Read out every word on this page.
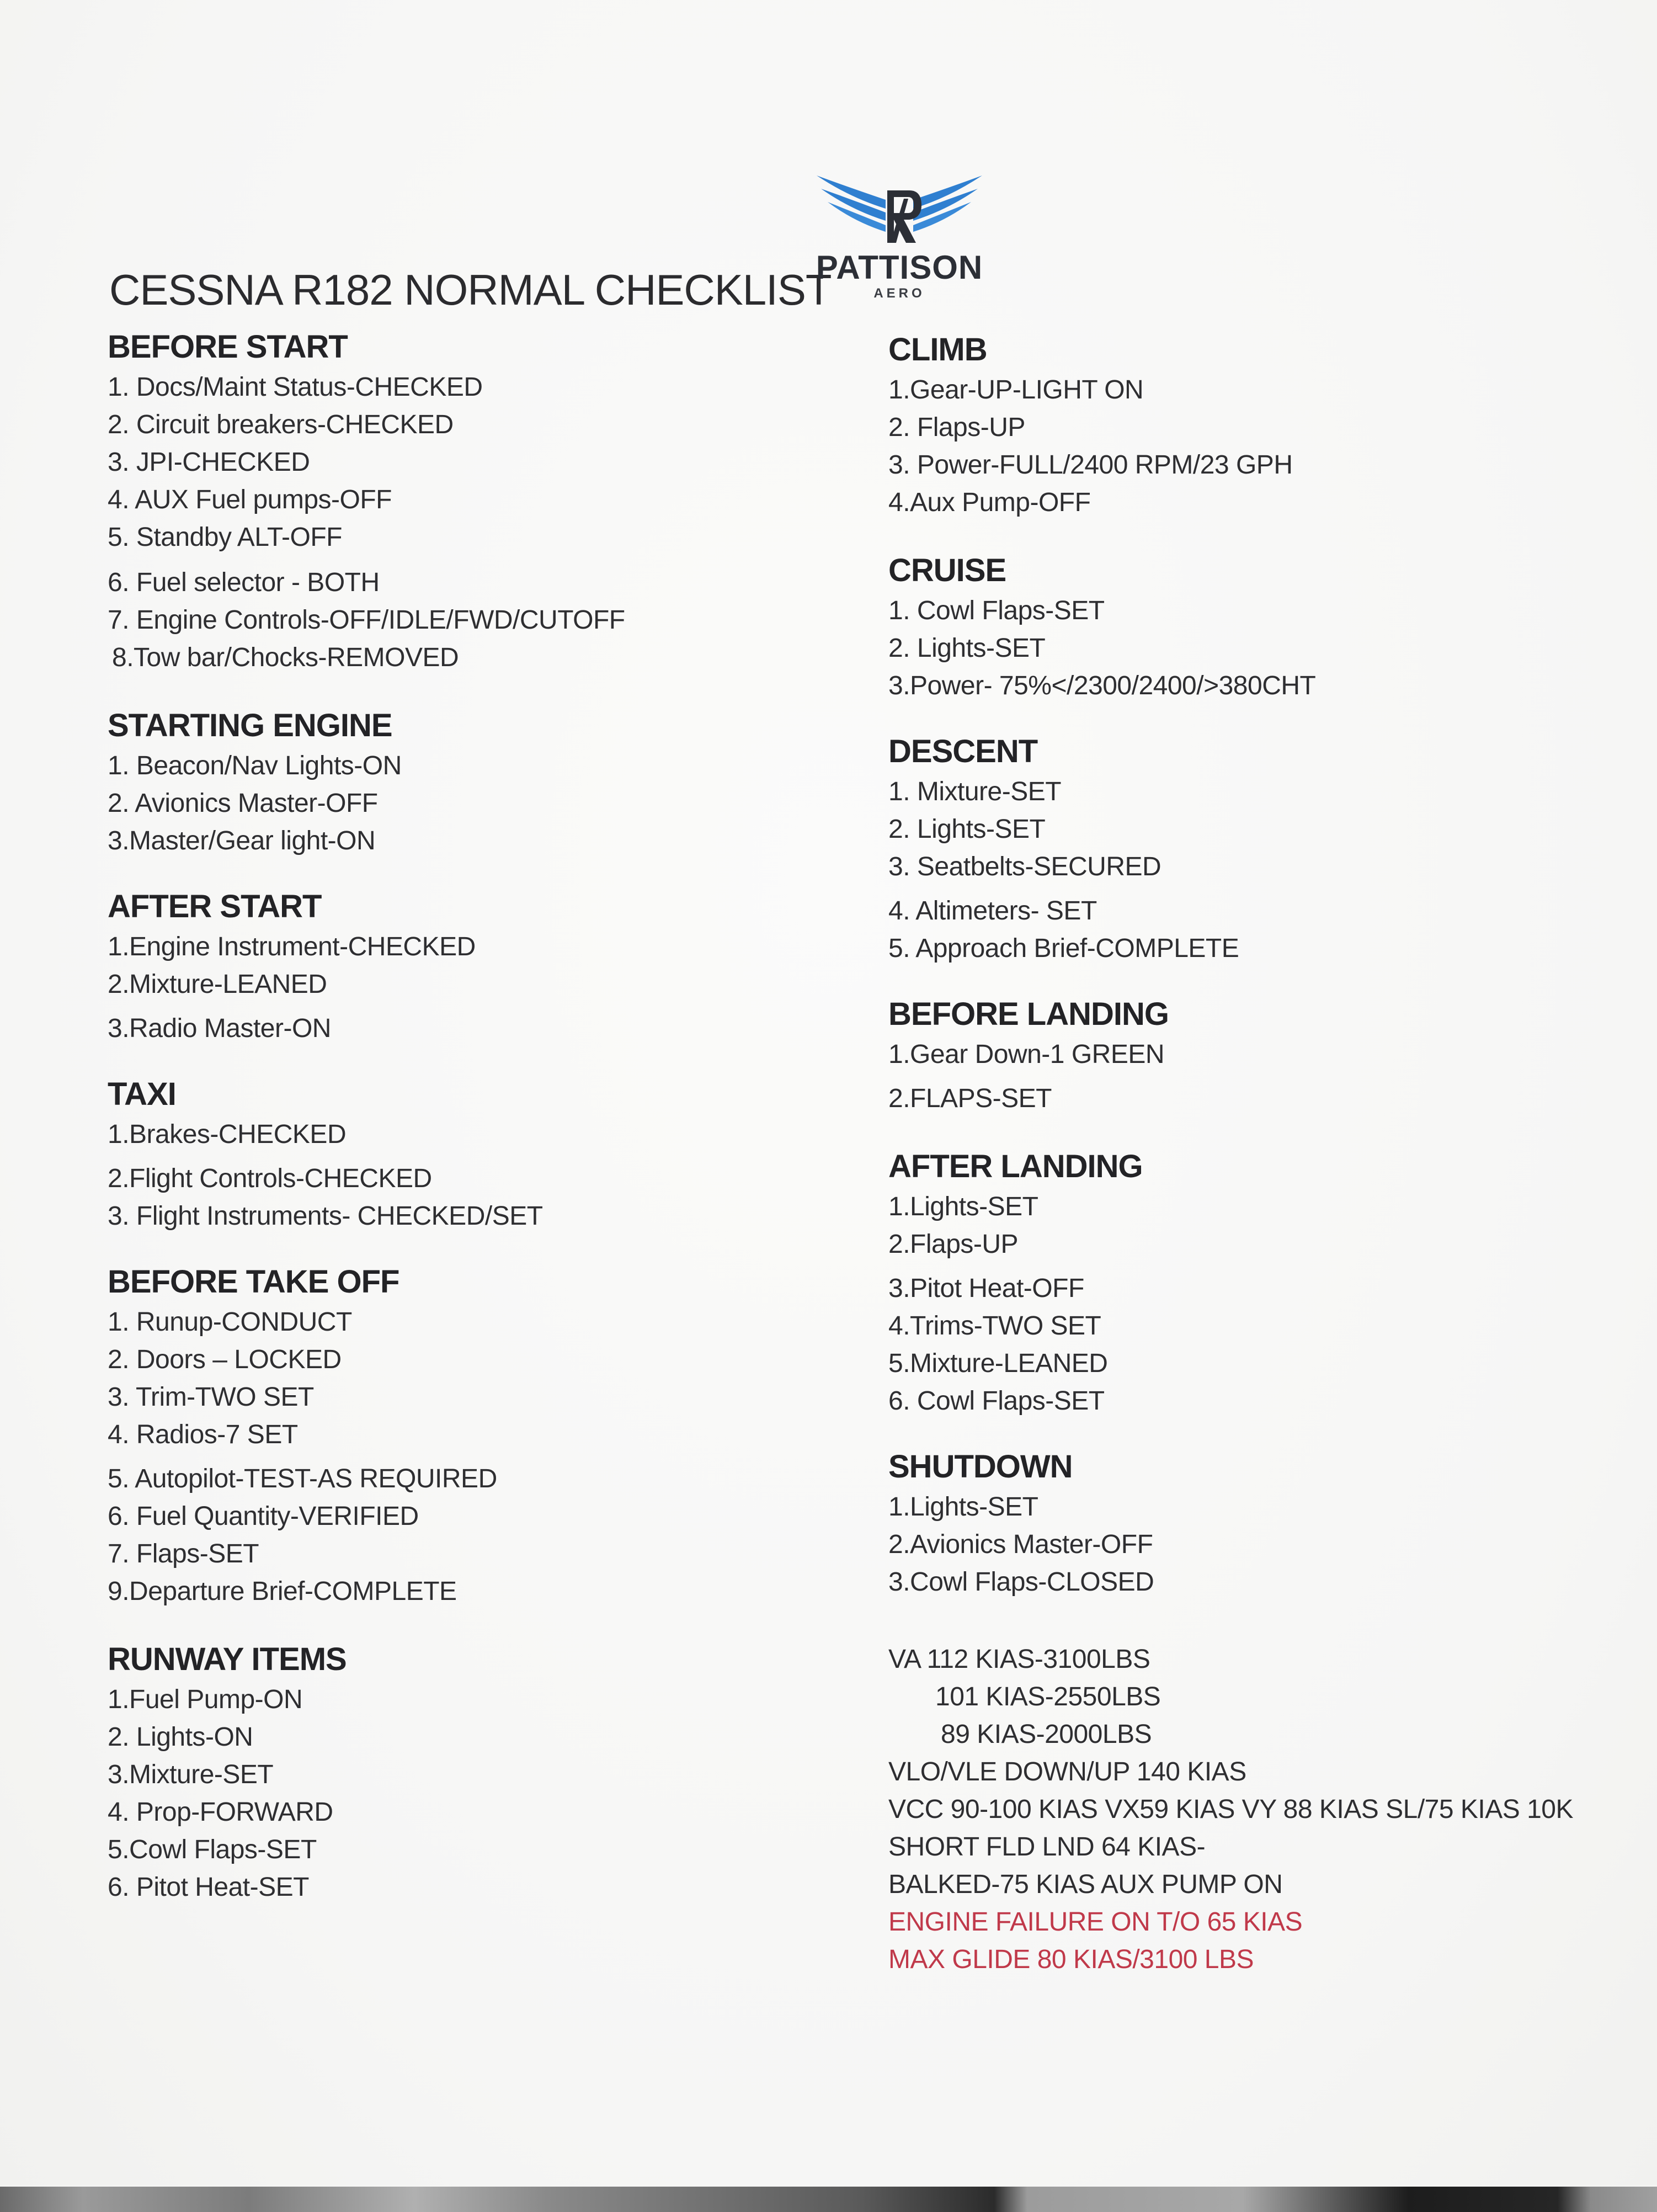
CESSNA R182 NORMAL CHECKLIST
PATTISON
AERO
BEFORE START
1. Docs/Maint Status-CHECKED
2. Circuit breakers-CHECKED
3. JPI-CHECKED
4. AUX Fuel pumps-OFF
5. Standby ALT-OFF
6. Fuel selector - BOTH
7. Engine Controls-OFF/IDLE/FWD/CUTOFF
8.Tow bar/Chocks-REMOVED
STARTING ENGINE
1. Beacon/Nav Lights-ON
2. Avionics Master-OFF
3.Master/Gear light-ON
AFTER START
1.Engine Instrument-CHECKED
2.Mixture-LEANED
3.Radio Master-ON
TAXI
1.Brakes-CHECKED
2.Flight Controls-CHECKED
3. Flight Instruments- CHECKED/SET
BEFORE TAKE OFF
1. Runup-CONDUCT
2. Doors – LOCKED
3. Trim-TWO SET
4. Radios-7 SET
5. Autopilot-TEST-AS REQUIRED
6. Fuel Quantity-VERIFIED
7. Flaps-SET
9.Departure Brief-COMPLETE
RUNWAY ITEMS
1.Fuel Pump-ON
2. Lights-ON
3.Mixture-SET
4. Prop-FORWARD
5.Cowl Flaps-SET
6. Pitot Heat-SET
CLIMB
1.Gear-UP-LIGHT ON
2. Flaps-UP
3. Power-FULL/2400 RPM/23 GPH
4.Aux Pump-OFF
CRUISE
1. Cowl Flaps-SET
2. Lights-SET
3.Power- 75%</2300/2400/>380CHT
DESCENT
1. Mixture-SET
2. Lights-SET
3. Seatbelts-SECURED
4. Altimeters- SET
5. Approach Brief-COMPLETE
BEFORE LANDING
1.Gear Down-1 GREEN
2.FLAPS-SET
AFTER LANDING
1.Lights-SET
2.Flaps-UP
3.Pitot Heat-OFF
4.Trims-TWO SET
5.Mixture-LEANED
6. Cowl Flaps-SET
SHUTDOWN
1.Lights-SET
2.Avionics Master-OFF
3.Cowl Flaps-CLOSED
VA 112 KIAS-3100LBS
101 KIAS-2550LBS
89 KIAS-2000LBS
VLO/VLE DOWN/UP 140 KIAS
VCC 90-100 KIAS VX59 KIAS VY 88 KIAS SL/75 KIAS 10K
SHORT FLD LND 64 KIAS-
BALKED-75 KIAS AUX PUMP ON
ENGINE FAILURE ON T/O 65 KIAS
MAX GLIDE 80 KIAS/3100 LBS
